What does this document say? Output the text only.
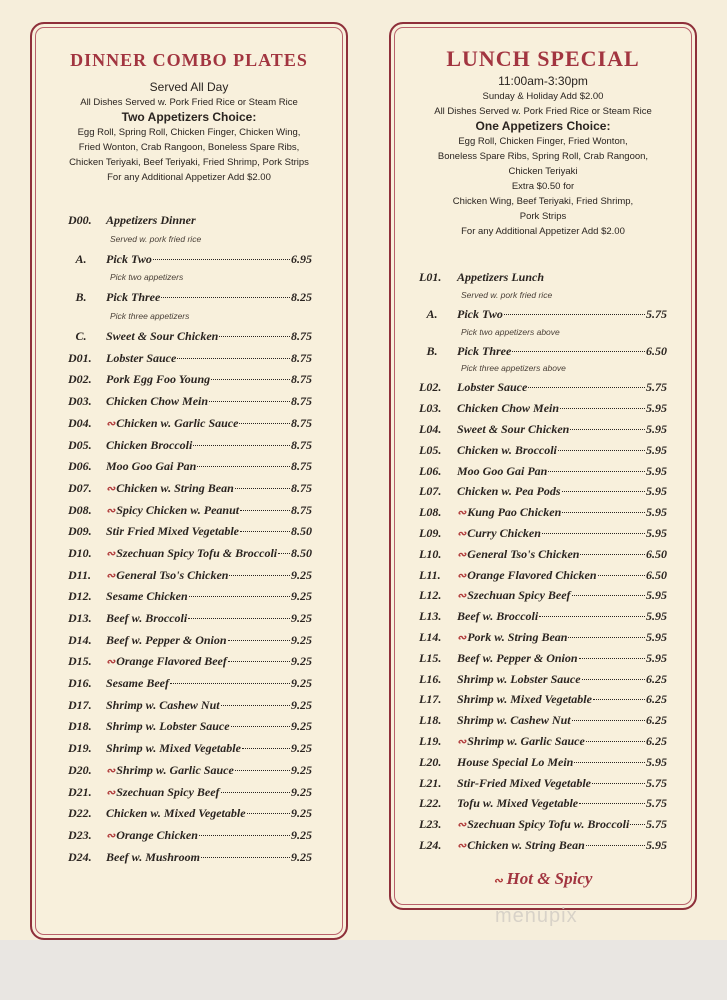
DINNER COMBO PLATES
Served All Day
All Dishes Served w. Pork Fried Rice or Steam Rice
Two Appetizers Choice:
Egg Roll, Spring Roll, Chicken Finger, Chicken Wing,
Fried Wonton, Crab Rangoon, Boneless Spare Ribs,
Chicken Teriyaki, Beef Teriyaki, Fried Shrimp, Pork Strips
For any Additional Appetizer Add $2.00
D00.	Appetizers Dinner
Served w. pork fried rice
A.	Pick Two	6.95
Pick two appetizers
B.	Pick Three	8.25
Pick three appetizers
C.	Sweet & Sour Chicken	8.75
D01.	Lobster Sauce	8.75
D02.	Pork Egg Foo Young	8.75
D03.	Chicken Chow Mein	8.75
D04.	∾ Chicken w. Garlic Sauce	8.75
D05.	Chicken Broccoli	8.75
D06.	Moo Goo Gai Pan	8.75
D07.	∾ Chicken w. String Bean	8.75
D08.	∾ Spicy Chicken w. Peanut	8.75
D09.	Stir Fried Mixed Vegetable	8.50
D10.	∾ Szechuan Spicy Tofu & Broccoli 8.50
D11.	∾ General Tso's Chicken	9.25
D12.	Sesame Chicken	9.25
D13.	Beef w. Broccoli	9.25
D14.	Beef w. Pepper & Onion	9.25
D15.	∾ Orange Flavored Beef	9.25
D16.	Sesame Beef	9.25
D17.	Shrimp w. Cashew Nut	9.25
D18.	Shrimp w. Lobster Sauce	9.25
D19.	Shrimp w. Mixed Vegetable	9.25
D20.	∾ Shrimp w. Garlic Sauce	9.25
D21.	∾ Szechuan Spicy Beef	9.25
D22.	Chicken w. Mixed Vegetable	9.25
D23.	∾ Orange Chicken	9.25
D24.	Beef w. Mushroom	9.25
LUNCH SPECIAL
11:00am-3:30pm
Sunday & Holiday Add $2.00
All Dishes Served w. Pork Fried Rice or Steam Rice
One Appetizers Choice:
Egg Roll, Chicken Finger, Fried Wonton,
Boneless Spare Ribs, Spring Roll, Crab Rangoon,
Chicken Teriyaki
Extra $0.50 for
Chicken Wing, Beef Teriyaki, Fried Shrimp,
Pork Strips
For any Additional Appetizer Add $2.00
L01.	Appetizers Lunch
Served w. pork fried rice
A.	Pick Two	5.75
Pick two appetizers above
B.	Pick Three	6.50
Pick three appetizers above
L02.	Lobster Sauce	5.75
L03.	Chicken Chow Mein	5.95
L04.	Sweet & Sour Chicken	5.95
L05.	Chicken w. Broccoli	5.95
L06.	Moo Goo Gai Pan	5.95
L07.	Chicken w. Pea Pods	5.95
L08.	∾ Kung Pao Chicken	5.95
L09.	∾ Curry Chicken	5.95
L10.	∾ General Tso's Chicken	6.50
L11.	∾ Orange Flavored Chicken	6.50
L12.	∾ Szechuan Spicy Beef	5.95
L13.	Beef w. Broccoli	5.95
L14.	∾ Pork w. String Bean	5.95
L15.	Beef w. Pepper & Onion	5.95
L16.	Shrimp w. Lobster Sauce	6.25
L17.	Shrimp w. Mixed Vegetable	6.25
L18.	Shrimp w. Cashew Nut	6.25
L19.	∾ Shrimp w. Garlic Sauce	6.25
L20.	House Special Lo Mein	5.95
L21.	Stir-Fried Mixed Vegetable	5.75
L22.	Tofu w. Mixed Vegetable	5.75
L23.	∾ Szechuan Spicy Tofu w. Broccoli 5.75
L24.	∾ Chicken w. String Bean	5.95
∾ Hot & Spicy
menupix
